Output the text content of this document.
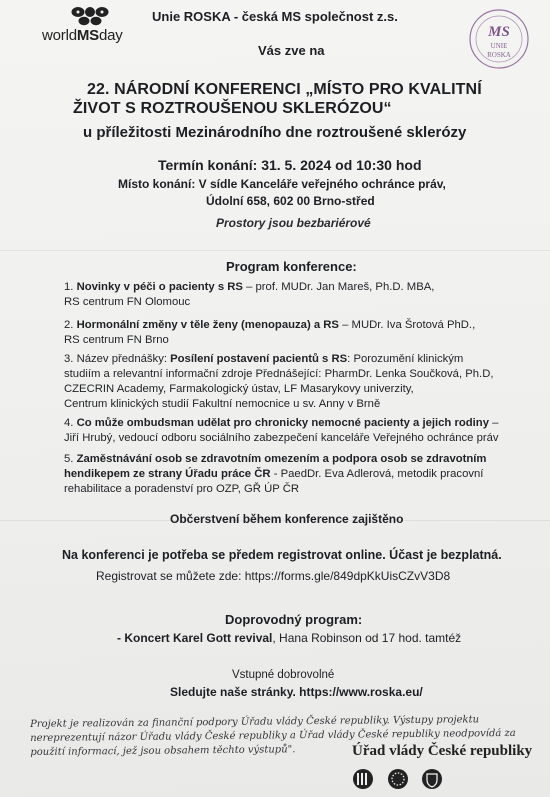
worldMSday
Unie ROSKA - česká MS společnost z.s.
MS
UNIE
ROSKA
Vás zve na
22. NÁRODNÍ KONFERENCI „MÍSTO PRO KVALITNÍ
ŽIVOT S ROZTROUŠENOU SKLERÓZOU“
u příležitosti Mezinárodního dne roztroušené sklerózy
Termín konání: 31. 5. 2024 od 10:30 hod
Místo konání: V sídle Kanceláře veřejného ochránce práv,
Údolní 658, 602 00 Brno-střed
Prostory jsou bezbariérové
Program konference:
1. Novinky v péči o pacienty s RS – prof. MUDr. Jan Mareš, Ph.D. MBA,
RS centrum FN Olomouc
2. Hormonální změny v těle ženy (menopauza) a RS – MUDr. Iva Šrotová PhD.,
RS centrum FN Brno
3. Název přednášky: Posílení postavení pacientů s RS: Porozumění klinickým
studiím a relevantní informační zdroje Přednášející: PharmDr. Lenka Součková, Ph.D,
CZECRIN Academy, Farmakologický ústav, LF Masarykovy univerzity,
Centrum klinických studií Fakultní nemocnice u sv. Anny v Brně
4. Co může ombudsman udělat pro chronicky nemocné pacienty a jejich rodiny –
Jiří Hrubý, vedoucí odboru sociálního zabezpečení kanceláře Veřejného ochránce práv
5. Zaměstnávání osob se zdravotním omezením a podpora osob se zdravotním
hendikepem ze strany Úřadu práce ČR - PaedDr. Eva Adlerová, metodik pracovní
rehabilitace a poradenství pro OZP, GŘ ÚP ČR
Občerstvení během konference zajištěno
Na konferenci je potřeba se předem registrovat online. Účast je bezplatná.
Registrovat se můžete zde: https://forms.gle/849dpKkUisCZvV3D8
Doprovodný program:
- Koncert Karel Gott revival, Hana Robinson od 17 hod. tamtéž
Vstupné dobrovolné
Sledujte naše stránky. https://www.roska.eu/
Projekt je realizován za finanční podpory Úřadu vlády České republiky. Výstupy projektu
nereprezentují názor Úřadu vlády České republiky a Úřad vlády České republiky neodpovídá za
použití informací, jež jsou obsahem těchto výstupů".	Úřad vlády České republiky
